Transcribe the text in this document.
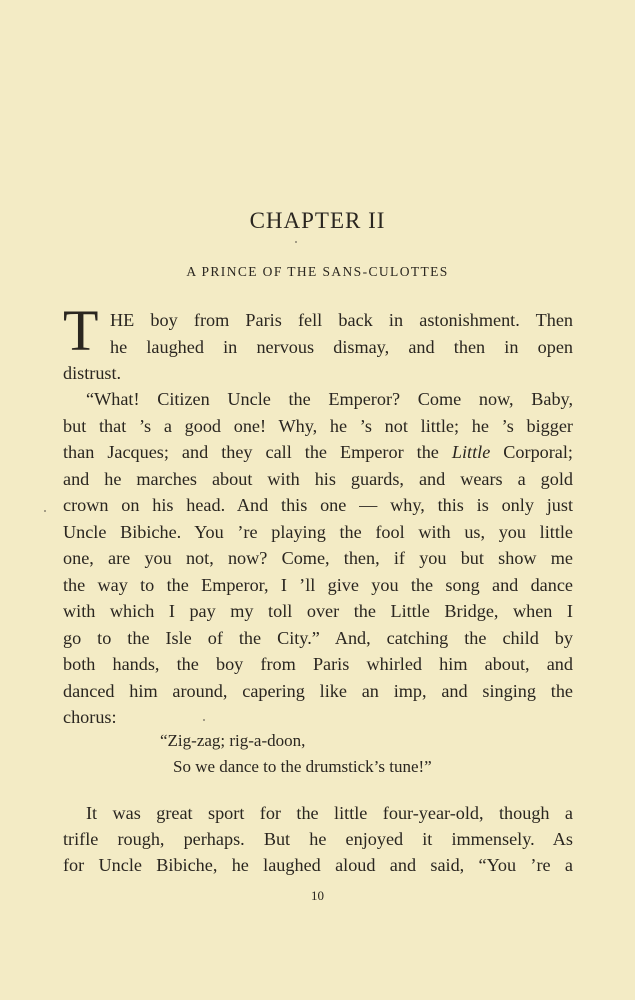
CHAPTER II
A PRINCE OF THE SANS-CULOTTES
T HE boy from Paris fell back in astonishment. Then
he laughed in nervous dismay, and then in open
distrust.
“What! Citizen Uncle the Emperor? Come now, Baby,
but that ’s a good one! Why, he ’s not little; he ’s bigger
than Jacques; and they call the Emperor the Little Corporal;
and he marches about with his guards, and wears a gold
crown on his head. And this one — why, this is only just
Uncle Bibiche. You ’re playing the fool with us, you little
one, are you not, now? Come, then, if you but show me
the way to the Emperor, I ’ll give you the song and dance
with which I pay my toll over the Little Bridge, when I
go to the Isle of the City.” And, catching the child by
both hands, the boy from Paris whirled him about, and
danced him around, capering like an imp, and singing the
chorus:
“Zig-zag; rig-a-doon,
So we dance to the drumstick’s tune!”
It was great sport for the little four-year-old, though a
trifle rough, perhaps. But he enjoyed it immensely. As
for Uncle Bibiche, he laughed aloud and said, “You ’re a
10
